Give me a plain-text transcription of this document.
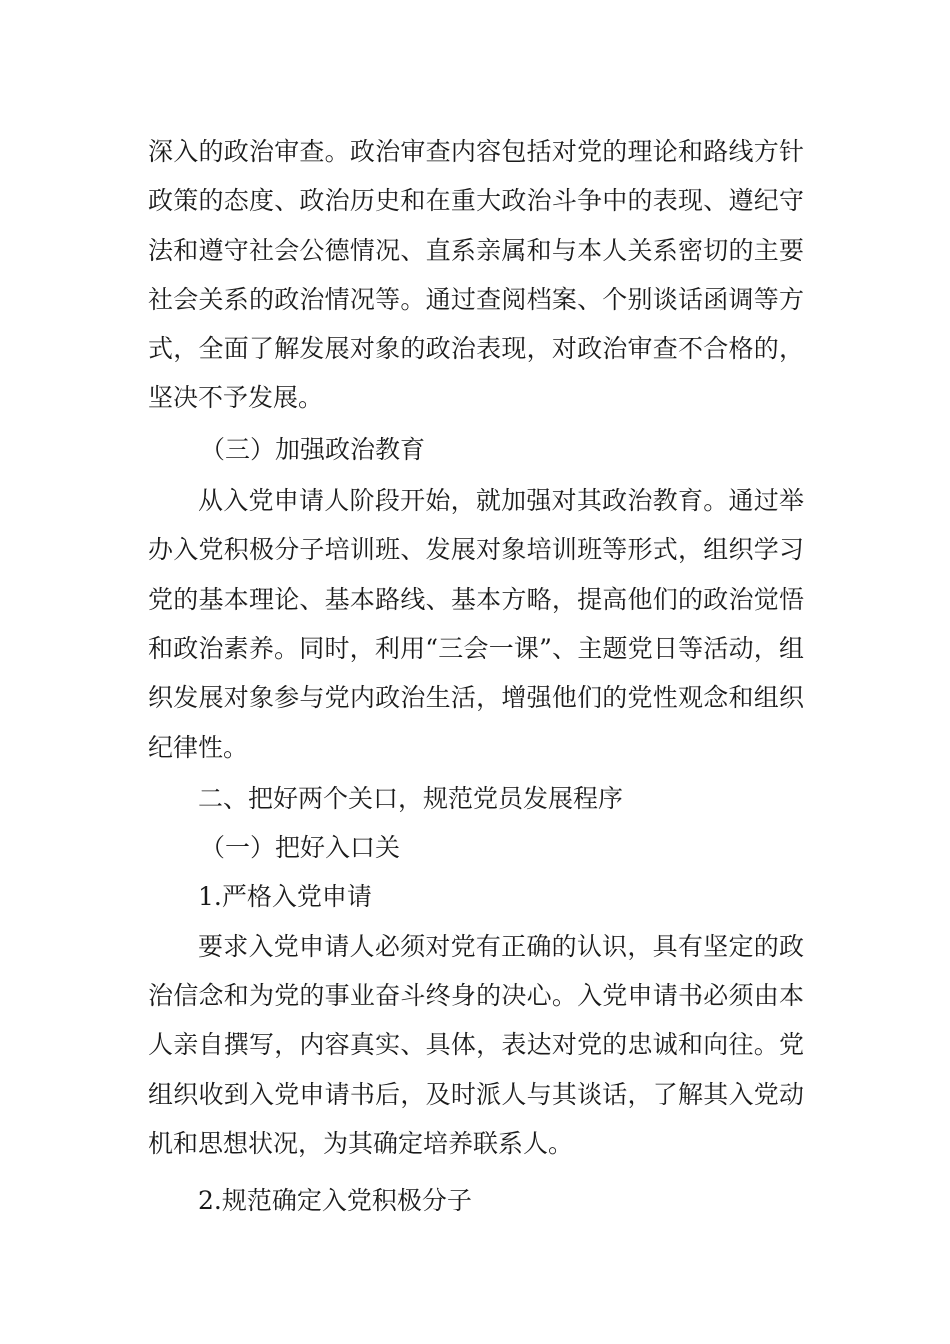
深入的政治审查。政治审查内容包括对党的理论和路线方针政策的态度、政治历史和在重大政治斗争中的表现、遵纪守法和遵守社会公德情况、直系亲属和与本人关系密切的主要社会关系的政治情况等。通过查阅档案、个别谈话函调等方式，全面了解发展对象的政治表现，对政治审查不合格的，坚决不予发展。

（三）加强政治教育

从入党申请人阶段开始，就加强对其政治教育。通过举办入党积极分子培训班、发展对象培训班等形式，组织学习党的基本理论、基本路线、基本方略，提高他们的政治觉悟和政治素养。同时，利用“三会一课”、主题党日等活动，组织发展对象参与党内政治生活，增强他们的党性观念和组织纪律性。

二、把好两个关口，规范党员发展程序

（一）把好入口关

1.严格入党申请

要求入党申请人必须对党有正确的认识，具有坚定的政治信念和为党的事业奋斗终身的决心。入党申请书必须由本人亲自撰写，内容真实、具体，表达对党的忠诚和向往。党组织收到入党申请书后，及时派人与其谈话，了解其入党动机和思想状况，为其确定培养联系人。

2.规范确定入党积极分子
